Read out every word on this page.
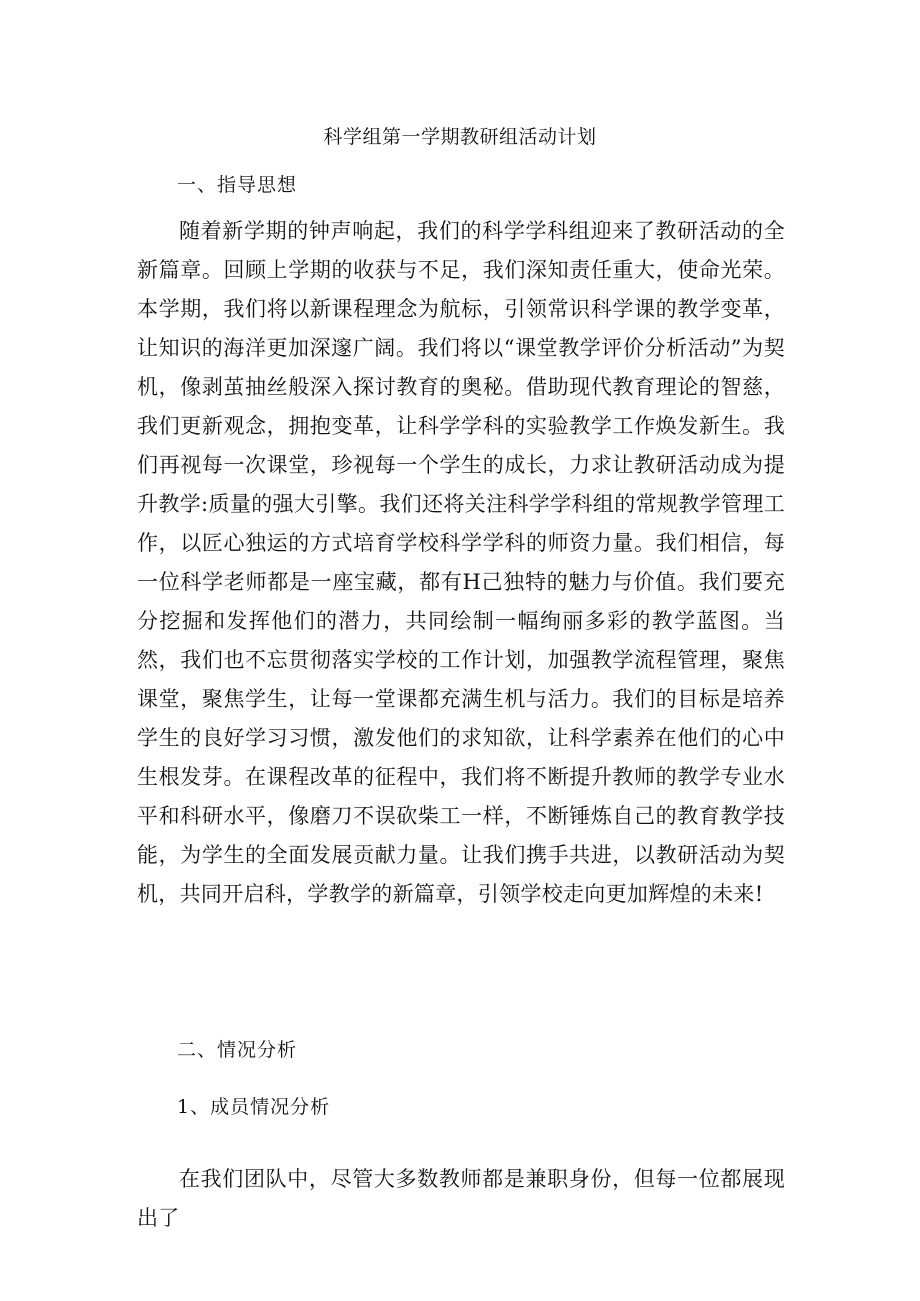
科学组第一学期教研组活动计划
一、指导思想

随着新学期的钟声响起，我们的科学学科组迎来了教研活动的全新篇章。回顾上学期的收获与不足，我们深知责任重大，使命光荣。本学期，我们将以新课程理念为航标，引领常识科学课的教学变革，让知识的海洋更加深邃广阔。我们将以“课堂教学评价分析活动”为契机，像剥茧抽丝般深入探讨教育的奥秘。借助现代教育理论的智慈，我们更新观念，拥抱变革，让科学学科的实验教学工作焕发新生。我们再视每一次课堂，珍视每一个学生的成长，力求让教研活动成为提升教学:质量的强大引擎。我们还将关注科学学科组的常规教学管理工作，以匠心独运的方式培育学校科学学科的师资力量。我们相信，每一位科学老师都是一座宝藏，都有H己独特的魅力与价值。我们要充分挖掘和发挥他们的潜力，共同绘制一幅绚丽多彩的教学蓝图。当然，我们也不忘贯彻落实学校的工作计划，加强教学流程管理，聚焦课堂，聚焦学生，让每一堂课都充满生机与活力。我们的目标是培养学生的良好学习习惯，激发他们的求知欲，让科学素养在他们的心中生根发芽。在课程改革的征程中，我们将不断提升教师的教学专业水平和科研水平，像磨刀不误砍柴工一样，不断锤炼自己的教育教学技能，为学生的全面发展贡献力量。让我们携手共进，以教研活动为契机，共同开启科，学教学的新篇章，引领学校走向更加辉煌的未来!

二、情况分析
1、成员情况分析

在我们团队中，尽管大多数教师都是兼职身份，但每一位都展现出了
